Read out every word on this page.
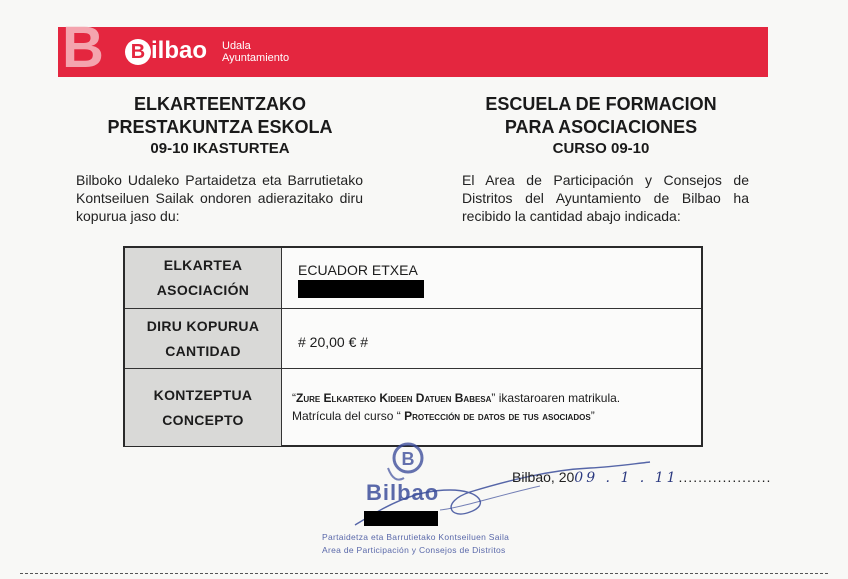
B	B ilbao Udala
Ayuntamiento
ELKARTEENTZAKO
PRESTAKUNTZA ESKOLA
09-10 IKASTURTEA
ESCUELA DE FORMACION
PARA ASOCIACIONES
CURSO 09-10
Bilboko Udaleko Partaidetza eta Barrutietako Kontseiluen Sailak ondoren adierazitako diru kopurua jaso du:
El Area de Participación y Consejos de Distritos del Ayuntamiento de Bilbao ha recibido la cantidad abajo indicada:
ELKARTEA
ASOCIACIÓN
ECUADOR ETXEA
DIRU KOPURUA
CANTIDAD
# 20,00 € #
KONTZEPTUA
CONCEPTO
“Zure Elkarteko Kideen Datuen Babesa” ikastaroaren matrikula.
Matrícula del curso “ Protección de datos de tus asociados”
B
Bilbao
Partaidetza eta Barrutietako Kontseiluen Saila
Area de Participación y Consejos de Distritos
Bilbao, 2009 . 1 . 11...................
